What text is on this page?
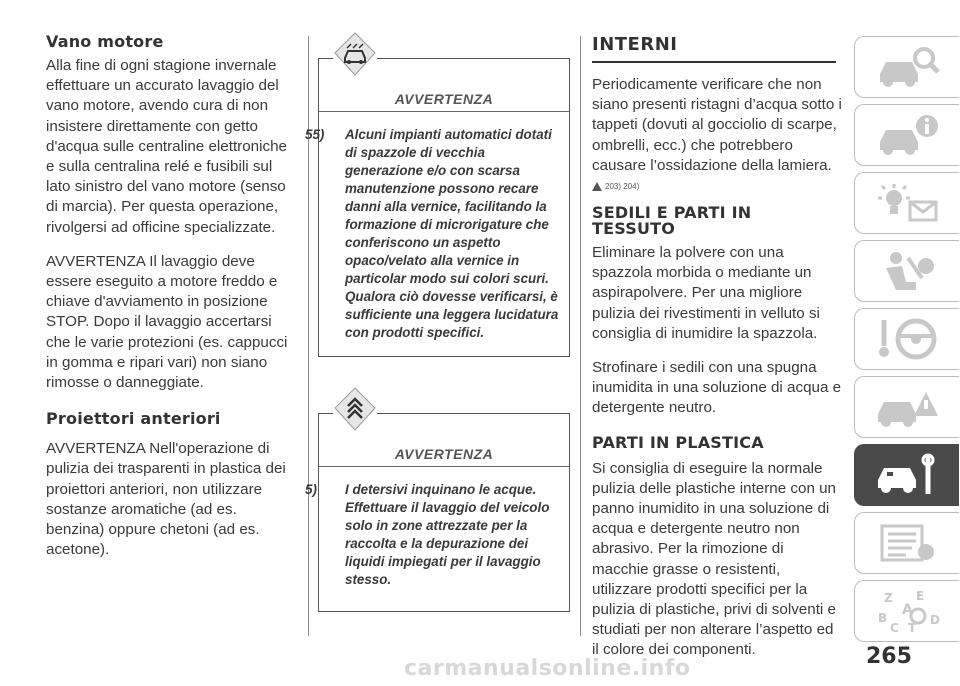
Vano motore

Alla fine di ogni stagione invernale effettuare un accurato lavaggio del vano motore, avendo cura di non insistere direttamente con getto d'acqua sulle centraline elettroniche e sulla centralina relé e fusibili sul lato sinistro del vano motore (senso di marcia). Per questa operazione, rivolgersi ad officine specializzate.

AVVERTENZA Il lavaggio deve essere eseguito a motore freddo e chiave d'avviamento in posizione STOP. Dopo il lavaggio accertarsi che le varie protezioni (es. cappucci in gomma e ripari vari) non siano rimosse o danneggiate.

Proiettori anteriori

AVVERTENZA Nell'operazione di pulizia dei trasparenti in plastica dei proiettori anteriori, non utilizzare sostanze aromatiche (ad es. benzina) oppure chetoni (ad es. acetone).

AVVERTENZA
55) Alcuni impianti automatici dotati di spazzole di vecchia generazione e/o con scarsa manutenzione possono recare danni alla vernice, facilitando la formazione di microrigature che conferiscono un aspetto opaco/velato alla vernice in particolar modo sui colori scuri. Qualora ciò dovesse verificarsi, è sufficiente una leggera lucidatura con prodotti specifici.
AVVERTENZA
5) I detersivi inquinano le acque. Effettuare il lavaggio del veicolo solo in zone attrezzate per la raccolta e la depurazione dei liquidi impiegati per il lavaggio stesso.
INTERNI

Periodicamente verificare che non siano presenti ristagni d’acqua sotto i tappeti (dovuti al gocciolio di scarpe, ombrelli, ecc.) che potrebbero causare l’ossidazione della lamiera.

203) 204)
SEDILI E PARTI IN TESSUTO

Eliminare la polvere con una spazzola morbida o mediante un aspirapolvere. Per una migliore pulizia dei rivestimenti in velluto si consiglia di inumidire la spazzola.

Strofinare i sedili con una spugna inumidita in una soluzione di acqua e detergente neutro.

PARTI IN PLASTICA

Si consiglia di eseguire la normale pulizia delle plastiche interne con un panno inumidito in una soluzione di acqua e detergente neutro non abrasivo. Per la rimozione di macchie grasse o resistenti, utilizzare prodotti specifici per la pulizia di plastiche, privi di solventi e studiati per non alterare l’aspetto ed il colore dei componenti.

Z E
A
B	D
C T
265
carmanualsonline.info
